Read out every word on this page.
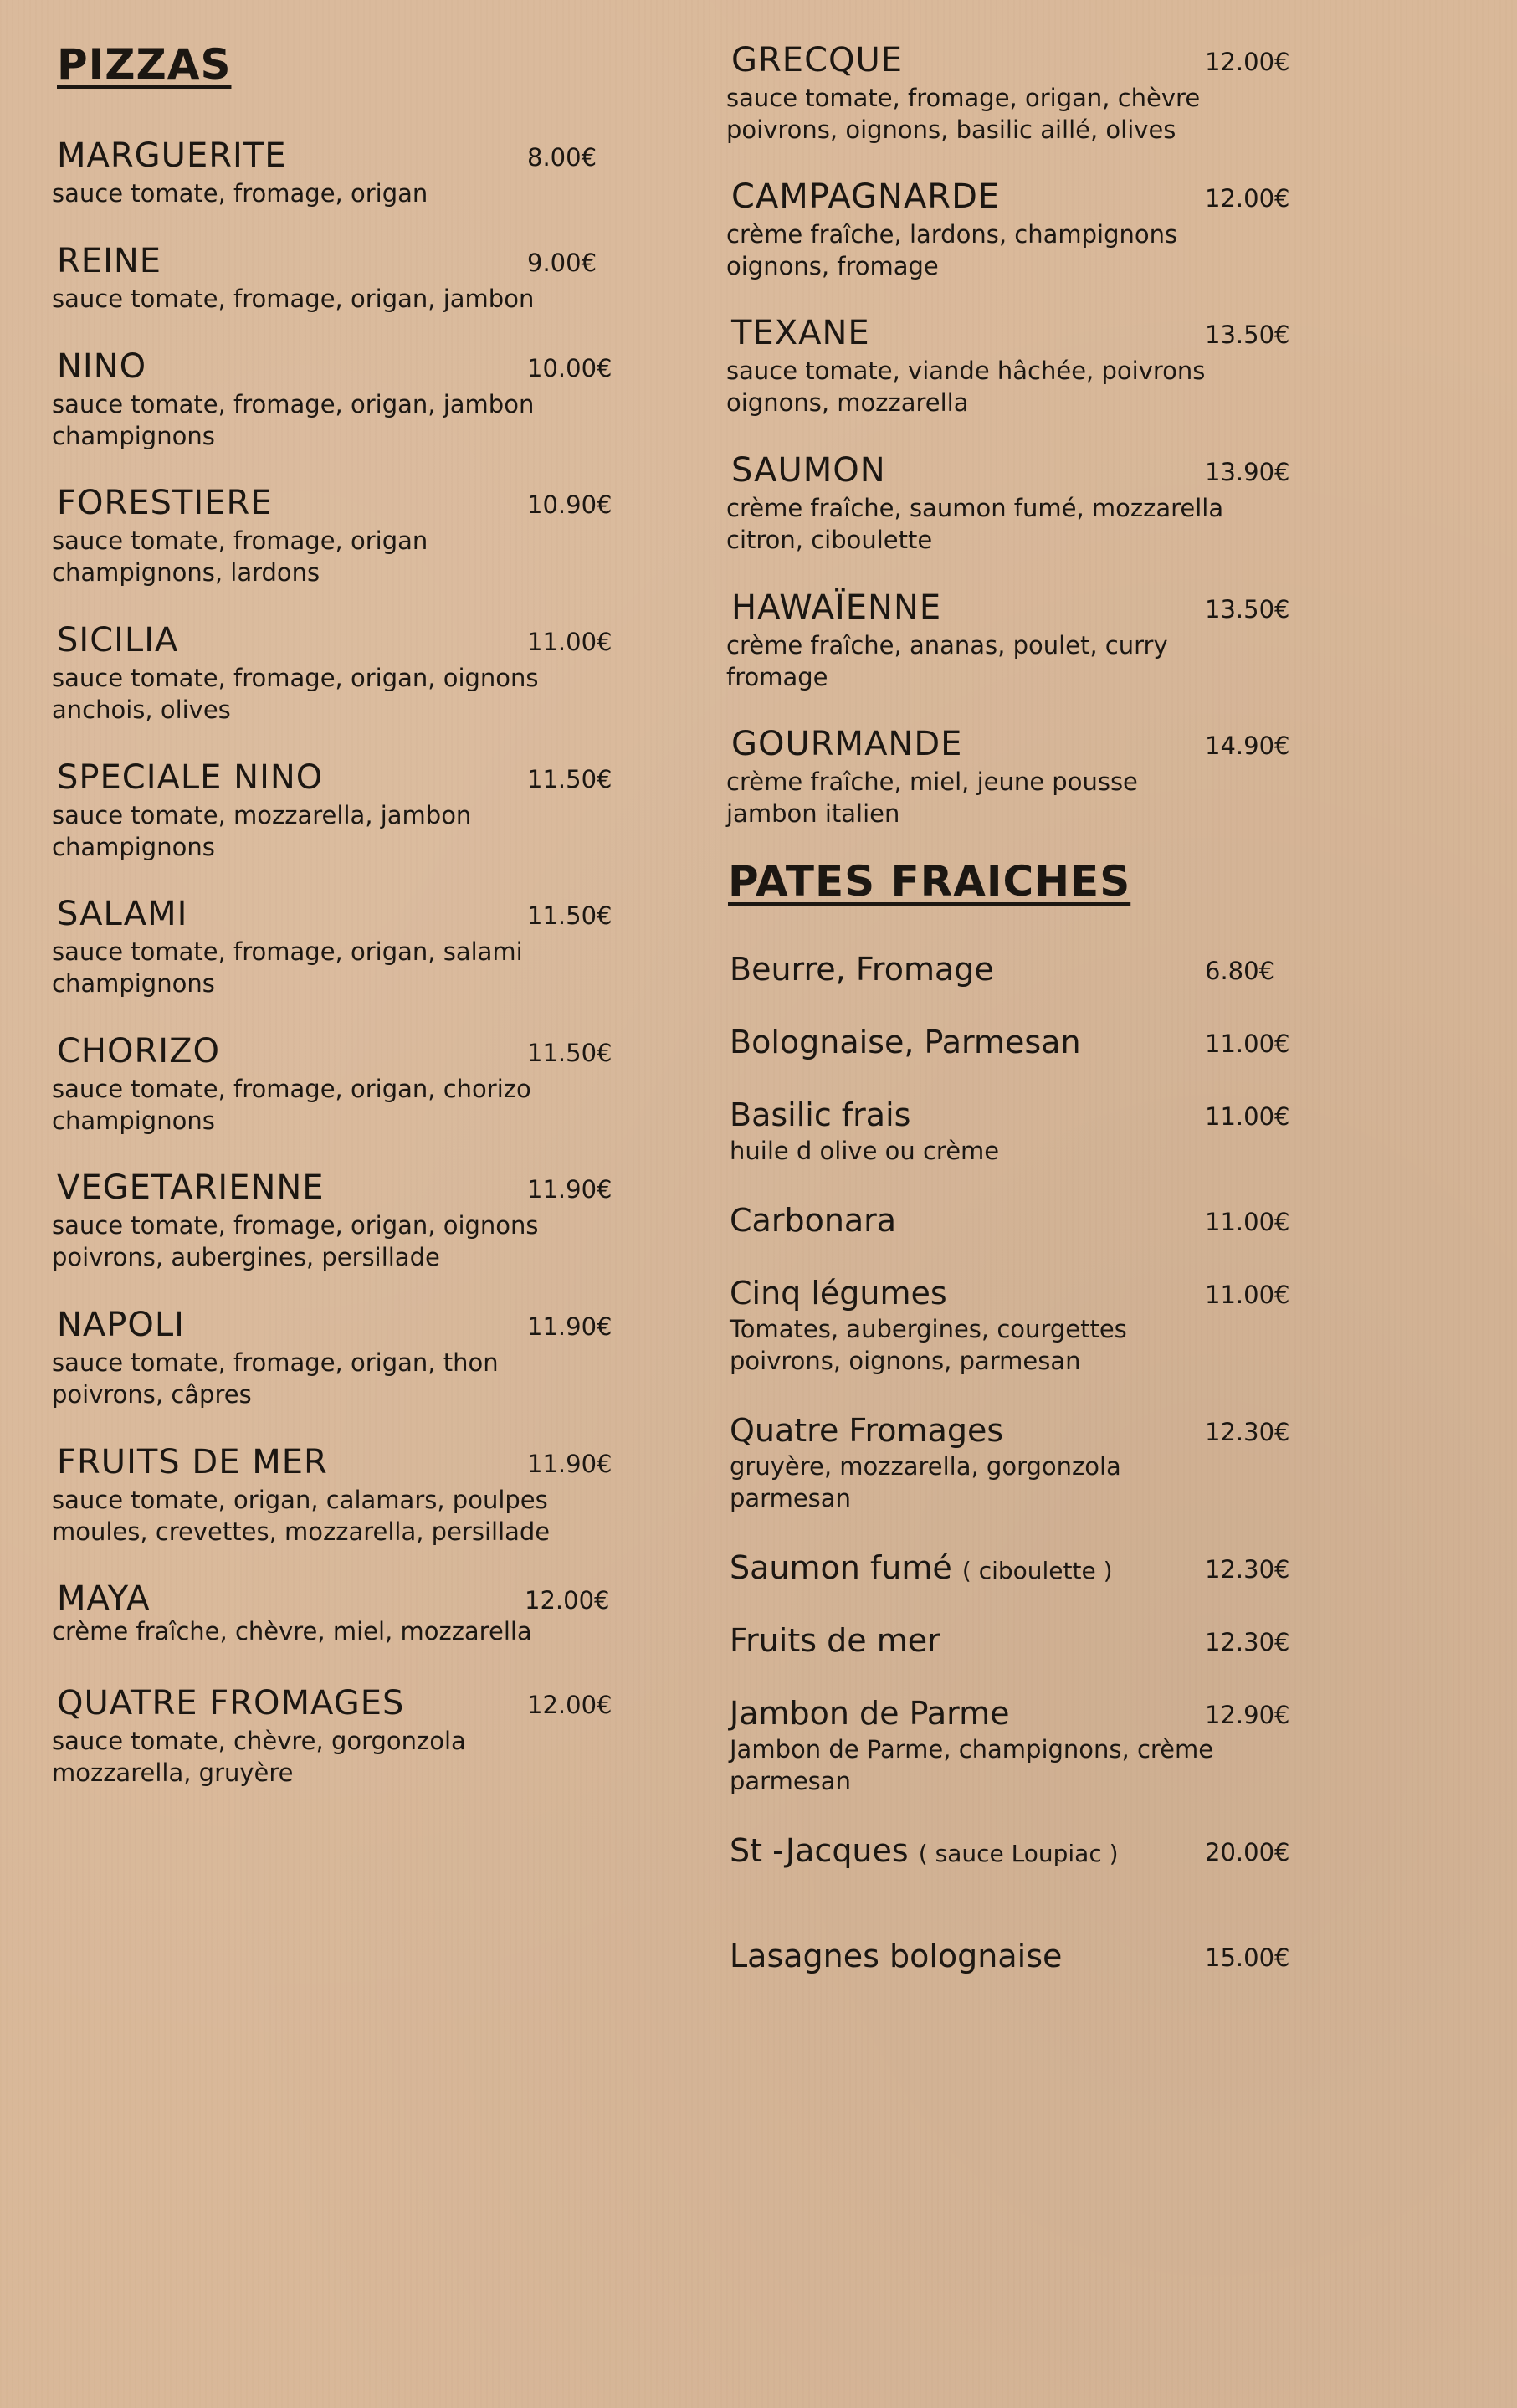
PIZZAS
MARGUERITE	8.00€
sauce tomate, fromage, origan
REINE	9.00€
sauce tomate, fromage, origan, jambon
NINO	10.00€
sauce tomate, fromage, origan, jambon
champignons
FORESTIERE	10.90€
sauce tomate, fromage, origan
champignons, lardons
SICILIA	11.00€
sauce tomate, fromage, origan, oignons
anchois, olives
SPECIALE NINO	11.50€
sauce tomate, mozzarella, jambon
champignons
SALAMI	11.50€
sauce tomate, fromage, origan, salami
champignons
CHORIZO	11.50€
sauce tomate, fromage, origan, chorizo
champignons
VEGETARIENNE	11.90€
sauce tomate, fromage, origan, oignons
poivrons, aubergines, persillade
NAPOLI	11.90€
sauce tomate, fromage, origan, thon
poivrons, câpres
FRUITS DE MER	11.90€
sauce tomate, origan, calamars, poulpes
moules, crevettes, mozzarella, persillade
MAYA	12.00€
crème fraîche, chèvre, miel, mozzarella
QUATRE FROMAGES	12.00€
sauce tomate, chèvre, gorgonzola
mozzarella, gruyère
GRECQUE	12.00€
sauce tomate, fromage, origan, chèvre
poivrons, oignons, basilic aillé, olives
CAMPAGNARDE	12.00€
crème fraîche, lardons, champignons
oignons, fromage
TEXANE	13.50€
sauce tomate, viande hâchée, poivrons
oignons, mozzarella
SAUMON	13.90€
crème fraîche, saumon fumé, mozzarella
citron, ciboulette
HAWAÏENNE	13.50€
crème fraîche, ananas, poulet, curry
fromage
GOURMANDE	14.90€
crème fraîche, miel, jeune pousse
jambon italien
PATES FRAICHES
Beurre, Fromage	6.80€
Bolognaise, Parmesan	11.00€
Basilic frais	11.00€
huile d olive ou crème
Carbonara	11.00€
Cinq légumes	11.00€
Tomates, aubergines, courgettes
poivrons, oignons, parmesan
Quatre Fromages	12.30€
gruyère, mozzarella, gorgonzola
parmesan
Saumon fumé ( ciboulette )	12.30€
Fruits de mer	12.30€
Jambon de Parme	12.90€
Jambon de Parme, champignons, crème
parmesan
St -Jacques ( sauce Loupiac )	20.00€
Lasagnes bolognaise	15.00€
